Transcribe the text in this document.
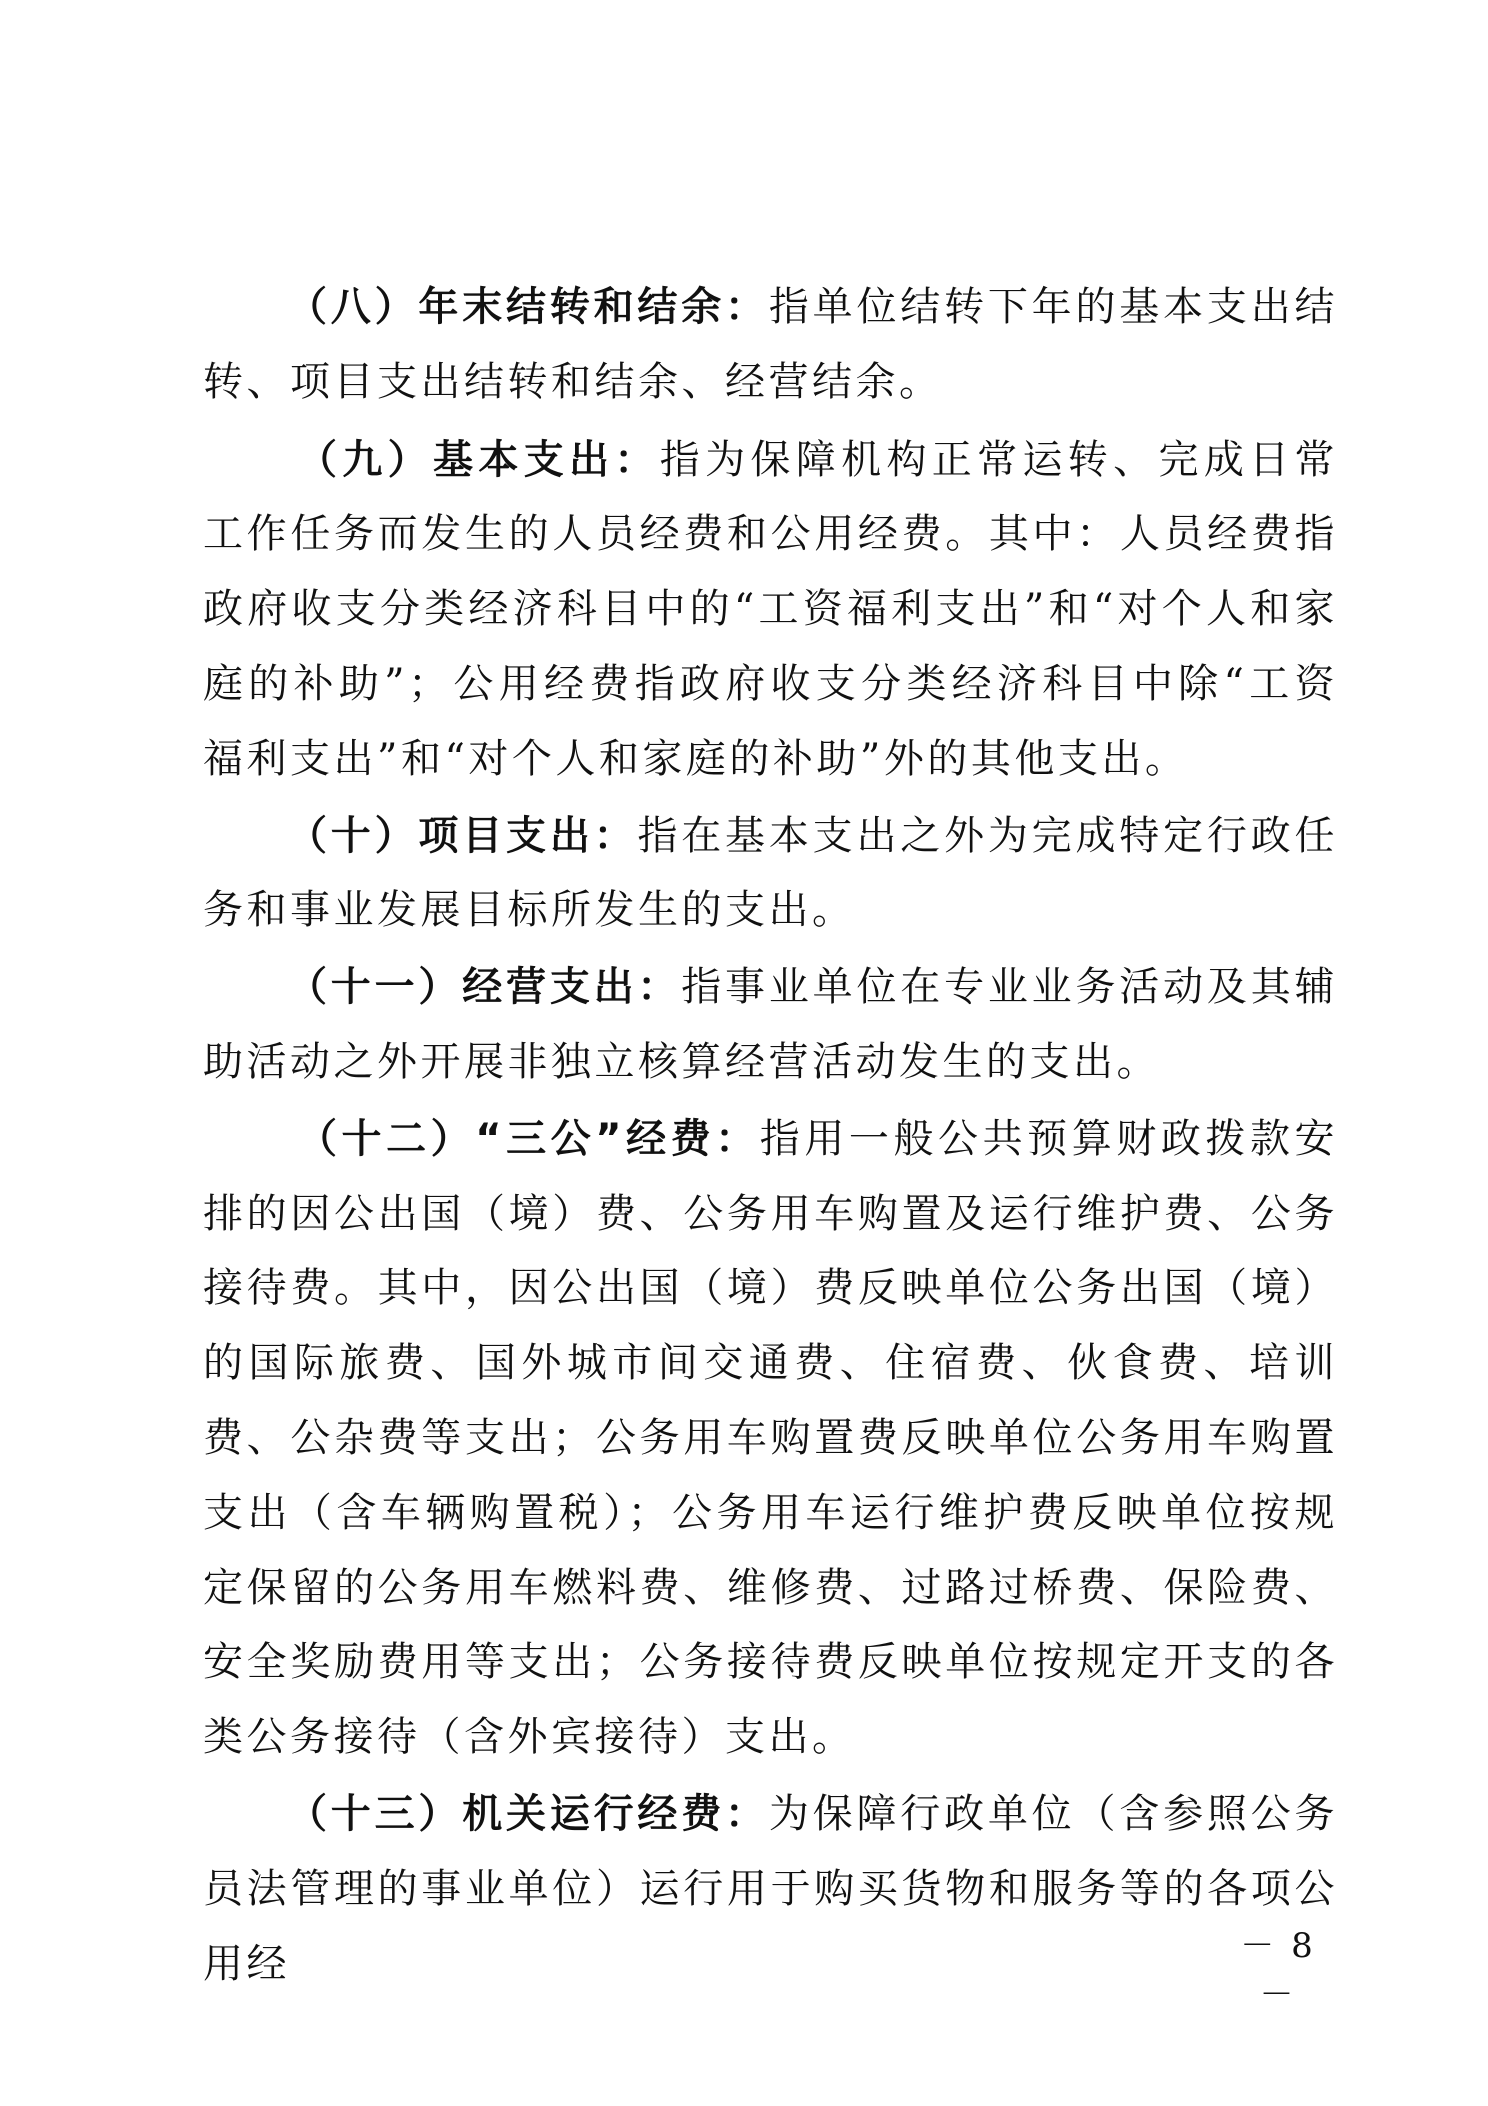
（八）年末结转和结余：指单位结转下年的基本支出结转、项目支出结转和结余、经营结余。

（九）基本支出：指为保障机构正常运转、完成日常工作任务而发生的人员经费和公用经费。其中：人员经费指政府收支分类经济科目中的“工资福利支出”和“对个人和家庭的补助”；公用经费指政府收支分类经济科目中除“工资福利支出”和“对个人和家庭的补助”外的其他支出。

（十）项目支出：指在基本支出之外为完成特定行政任务和事业发展目标所发生的支出。

（十一）经营支出：指事业单位在专业业务活动及其辅助活动之外开展非独立核算经营活动发生的支出。

（十二）“三公”经费：指用一般公共预算财政拨款安排的因公出国（境）费、公务用车购置及运行维护费、公务接待费。其中，因公出国（境）费反映单位公务出国（境）的国际旅费、国外城市间交通费、住宿费、伙食费、培训费、公杂费等支出；公务用车购置费反映单位公务用车购置支出（含车辆购置税）；公务用车运行维护费反映单位按规定保留的公务用车燃料费、维修费、过路过桥费、保险费、安全奖励费用等支出；公务接待费反映单位按规定开支的各类公务接待（含外宾接待）支出。

（十三）机关运行经费：为保障行政单位（含参照公务员法管理的事业单位）运行用于购买货物和服务等的各项公用经	－ 8 －
